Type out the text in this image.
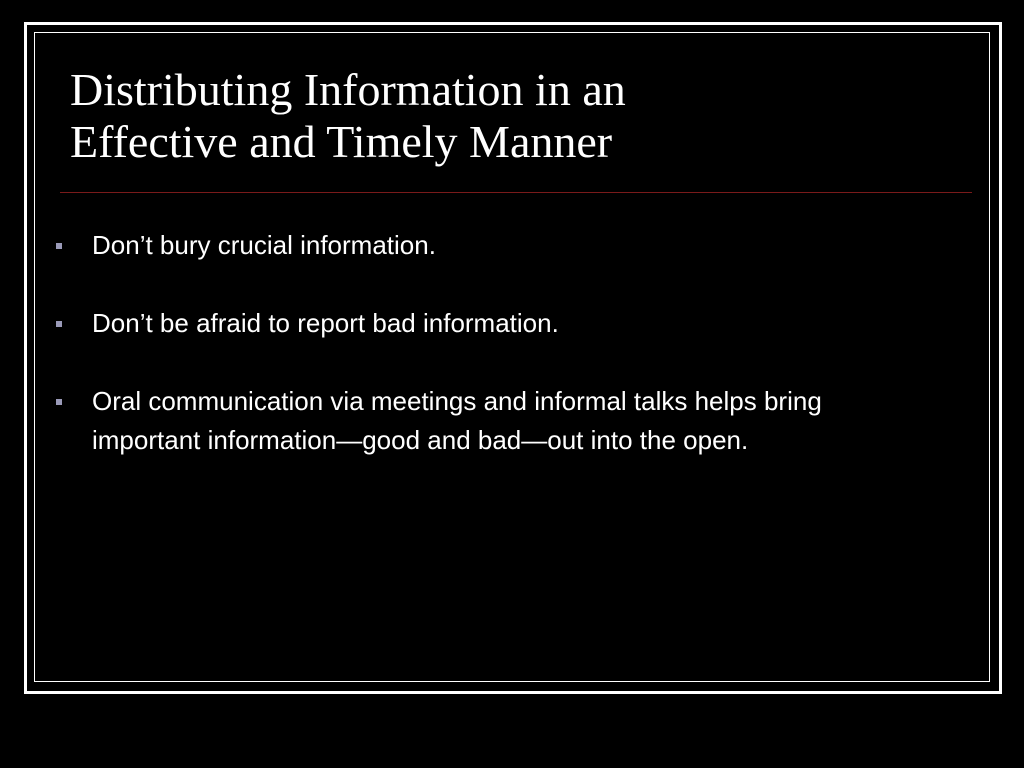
Distributing Information in an
Effective and Timely Manner
Don’t bury crucial information.
Don’t be afraid to report bad information.
Oral communication via meetings and informal talks helps bring important information—good and bad—out into the open.
